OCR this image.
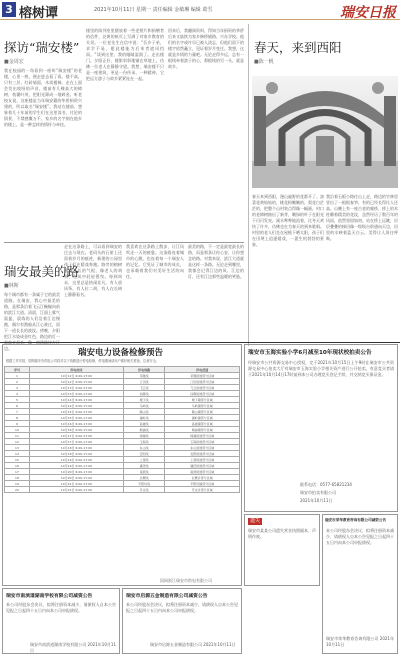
3 榕树谭	2021年10月11日 星期一 责任编辑 金敏琳 编辑 葛雪	瑞安日报
探访“瑞安楼”
■金周宏
我在校园的一角看到一座叫“瑞安楼”的老楼，心里一热，便走进去看了看。楼不高，只有三层，红砖墙面，木质楼梯，走在上面会发出吱呀的声音。楼前有几棵高大的樟树，枝繁叶茂，把阳光筛成一地碎金。听老校友说，这座楼是当年瑞安籍的华侨捐资兴建的，所以取名“瑞安楼”。我站在楼前，想象着几十年前的学生们在这里读书、讨论的情景，不禁感慨万千。家乡的名字刻在他乡的楼上，是一种怎样的情怀与牵挂。
楼里的陈列室里摆放着一些老照片和捐赠者的信件，泛黄的纸页上写满了对家乡教育的关切。一位老先生在信中说：“吾乡子弟，求学不易，愿此楼能为后来者遮风挡雨。”读到这里，我的眼睛湿润了。走出楼门，夕阳正好，楼影斜斜地铺在草地上，仿佛一位老人在静静守望。我想，瑞安楼不只是一座建筑，更是一份传承，一种精神，它把远方游子与故乡紧紧连在一起。
回来后，我翻阅资料，得知当年捐资的华侨后来又陆续为家乡修桥铺路、兴办学校。他们的名字或许早已被人淡忘，但他们留下的楼宇依然矗立，见证着岁月变迁。我想，这就是乡情的力量吧。无论走得多远，总有一根线牵着游子的心，那根线的另一头，就是故乡。
瑞安最美的路
■林斯
每个城市都有一条属于它的最美道路。在瑞安，我心中最美的路，是那条沿着飞云江蜿蜒向前的滨江大道。清晨，江面上雾气氤氲，晨练的人们沿着江边慢跑，偶尔有渔船从江心驶过，留下一道长长的波纹。傍晚，夕阳把江水染成金红色，路边的灯一 边。
走在这条路上，可以看到瑞安的过去与现在。老码头的石阶上还留着岁月的痕迹，新建的公园里孩子们在嬉戏奔跑。路旁的榕树垂下长长的气根，像老人的胡须，在风中轻轻摇曳。每到周末，这里总是热闹非凡，有人放风筝，有人拉二胡，有人在长椅上静静看书。
我喜欢在这条路上散步，让江风吹走一天的疲惫。这条路连着城市的心跳，也连着每一个瑞安人的记忆。它见证了城市的成长，也承载着我们对美好生活的向往。
最美的路，不一定是最宽最长的路，而是那条让你心安、让你想念的路。对我来说，滨江大道就是这样一条路。无论走到哪里，我都会记得江边的风、江边的灯，还有江边那些温暖的笑脸。
春天，来到西阳
■陈一帆
春天来到西阳，漫山遍野的花都开了。油菜花黄灿灿的，桃花粉嫩嫩的，梨花白茫茫的，把整个山村装点得像一幅画。村口的老樟树抽出了新芽，嫩绿的叶子在阳光下闪闪发亮。溪水哗哗地流着，比冬天欢快了许多，仿佛也在为春天的到来歌唱。村里的老人们坐在屋檐下晒太阳，孩子们在田埂上追逐嬉戏，一派生机勃勃的景象。
我沿着石板小路往山上走，路边的竹林里冒出了一根根春笋，有的已经长得比人还高。山腰上有一座古老的廊桥，桥上的木柱雕着精美的花纹，虽然经历了数百年的风雨，依然坚固如初。站在桥上远眺，层层叠叠的梯田像一级级台阶通向天边，田里的水映着蓝天白云，美得让人屏住呼吸。
瑞安电力设备检修预告
根据工作安排，国网瑞安市供电公司将对以下线路进行停电检修，停电期间请用户做好相关准备，注意安全。
序号	停电时间	停电线路	停电范围
1	10月12日 6:00-17:00	莘塍线	莘塍街道部分区域
2	10月12日 6:00-17:00	汀田线	汀田街道部分区域
3	10月13日 6:00-17:00	飞云线	飞云街道部分区域
4	10月13日 6:00-17:00	仙降线	仙降街道部分区域
5	10月14日 6:00-17:00	塘下线	塘下镇部分区域
6	10月14日 6:00-17:00	马屿线	马屿镇部分区域
7	10月15日 6:00-17:00	陶山线	陶山镇部分区域
8	10月15日 6:00-17:00	湖岭线	湖岭镇部分区域
9	10月16日 6:00-17:00	高楼线	高楼镇部分区域
10	10月16日 6:00-17:00	桐浦线	桐浦镇部分区域
11	10月17日 6:00-17:00	锦湖线	锦湖街道部分区域
12	10月17日 6:00-17:00	玉海线	玉海街道部分区域
13	10月18日 6:00-17:00	东山线	东山街道部分区域
14	10月18日 6:00-17:00	安阳线	安阳街道部分区域
15	10月19日 6:00-17:00	上望线	上望街道部分区域
16	10月19日 6:00-17:00	潘岱线	潘岱街道部分区域
17	10月20日 6:00-17:00	南滨线	南滨街道部分区域
18	10月20日 6:00-17:00	北麂线	北麂乡部分区域
19	10月21日 6:00-17:00	平阳坑线	平阳坑镇部分区域
20	10月21日 6:00-17:00	芳庄线	芳庄乡部分区域
国网浙江瑞安市供电有限公司
瑞安市玉海实验小学6月减至10年现状校拍卖公告
经瑞安市公共资源交易中心授权，定于2021年10月15日上午9时在瑞安市公共资源交易中心拍卖大厅对瑞安市玉海实验小学相关资产进行公开拍卖。有意竞买者请于2021年10月14日17时前到本公司办理竞买登记手续，并交纳竞买保证金。
联系电话：0577-65821234
瑞安市拍卖有限公司
2021年10月11日
遗失
瑞安市某某公司遗失营业执照副本，声明作废。
瑞安市南滨道湖南学校有限公司减资公告
本公司经股东会决议，拟将注册资本减少，请债权人自本公告见报之日起四十五日内向本公司申报债权。
瑞安市南滨道湖南学校有限公司 2021年10月11日
瑞安市启源五金制造有限公司减资公告
本公司经股东会决议，拟将注册资本减少，请债权人自本公告见报之日起四十五日内向本公司申报债权。
瑞安市启源五金制造有限公司 2021年10月11日
瑞安市荣华教育咨询有限公司减资公告
本公司经股东会决议，拟将注册资本减少，请债权人自本公告见报之日起四十五日内向本公司申报债权。
瑞安市荣华教育咨询有限公司 2021年10月11日
